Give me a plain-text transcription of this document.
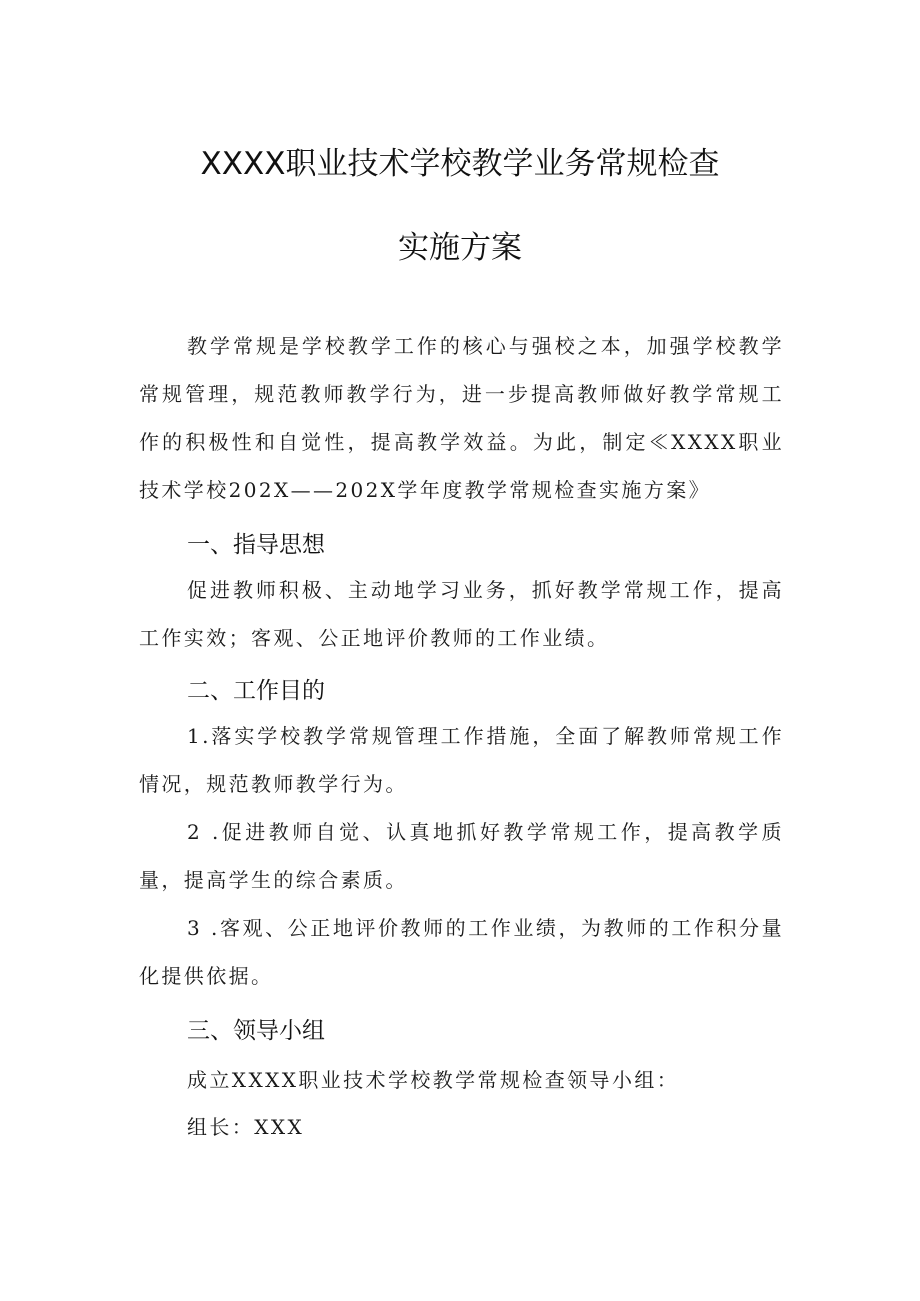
XXXX职业技术学校教学业务常规检查
实施方案

教学常规是学校教学工作的核心与强校之本，加强学校教学常规管理，规范教师教学行为，进一步提高教师做好教学常规工作的积极性和自觉性，提高教学效益。为此，制定≪XXXX职业技术学校202X——202X学年度教学常规检查实施方案》

一、指导思想

促进教师积极、主动地学习业务，抓好教学常规工作，提高工作实效；客观、公正地评价教师的工作业绩。

二、工作目的

1.落实学校教学常规管理工作措施，全面了解教师常规工作情况，规范教师教学行为。

2 .促进教师自觉、认真地抓好教学常规工作，提高教学质量，提高学生的综合素质。

3 .客观、公正地评价教师的工作业绩，为教师的工作积分量化提供依据。

三、领导小组

成立XXXX职业技术学校教学常规检查领导小组：

组长：XXX
